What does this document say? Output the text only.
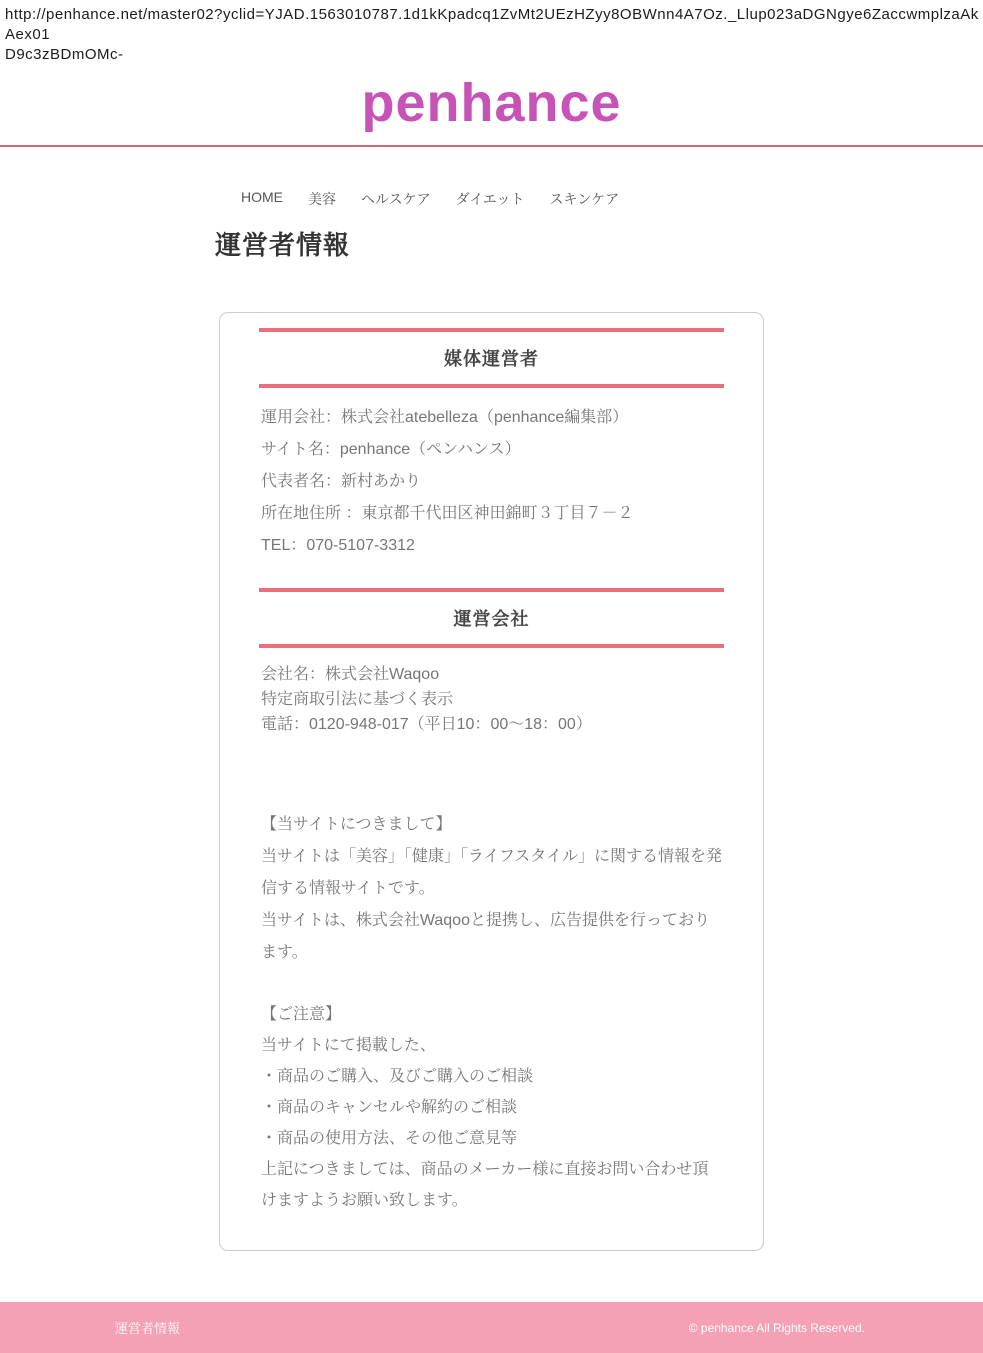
http://penhance.net/master02?yclid=YJAD.1563010787.1d1kKpadcq1ZvMt2UEzHZyy8OBWnn4A7Oz._Llup023aDGNgye6ZaccwmplzaAkAex01
D9c3zBDmOMc-
penhance
HOME 美容 ヘルスケア ダイエット スキンケア
運営者情報
媒体運営者
運用会社：株式会社atebelleza（penhance編集部）
サイト名：penhance（ペンハンス）
代表者名：新村あかり
所在地住所 ：東京都千代田区神田錦町３丁目７－２
TEL：070-5107-3312
運営会社
会社名：株式会社Waqoo
特定商取引法に基づく表示
電話：0120-948-017（平日10：00〜18：00）
【当サイトにつきまして】
当サイトは「美容」「健康」「ライフスタイル」に関する情報を発信する情報サイトです。
当サイトは、株式会社Waqooと提携し、広告提供を行っております。
【ご注意】
当サイトにて掲載した、
・商品のご購入、及びご購入のご相談
・商品のキャンセルや解約のご相談
・商品の使用方法、その他ご意見等
上記につきましては、商品のメーカー様に直接お問い合わせ頂けますようお願い致します。
運営者情報	© penhance All Rights Reserved.
